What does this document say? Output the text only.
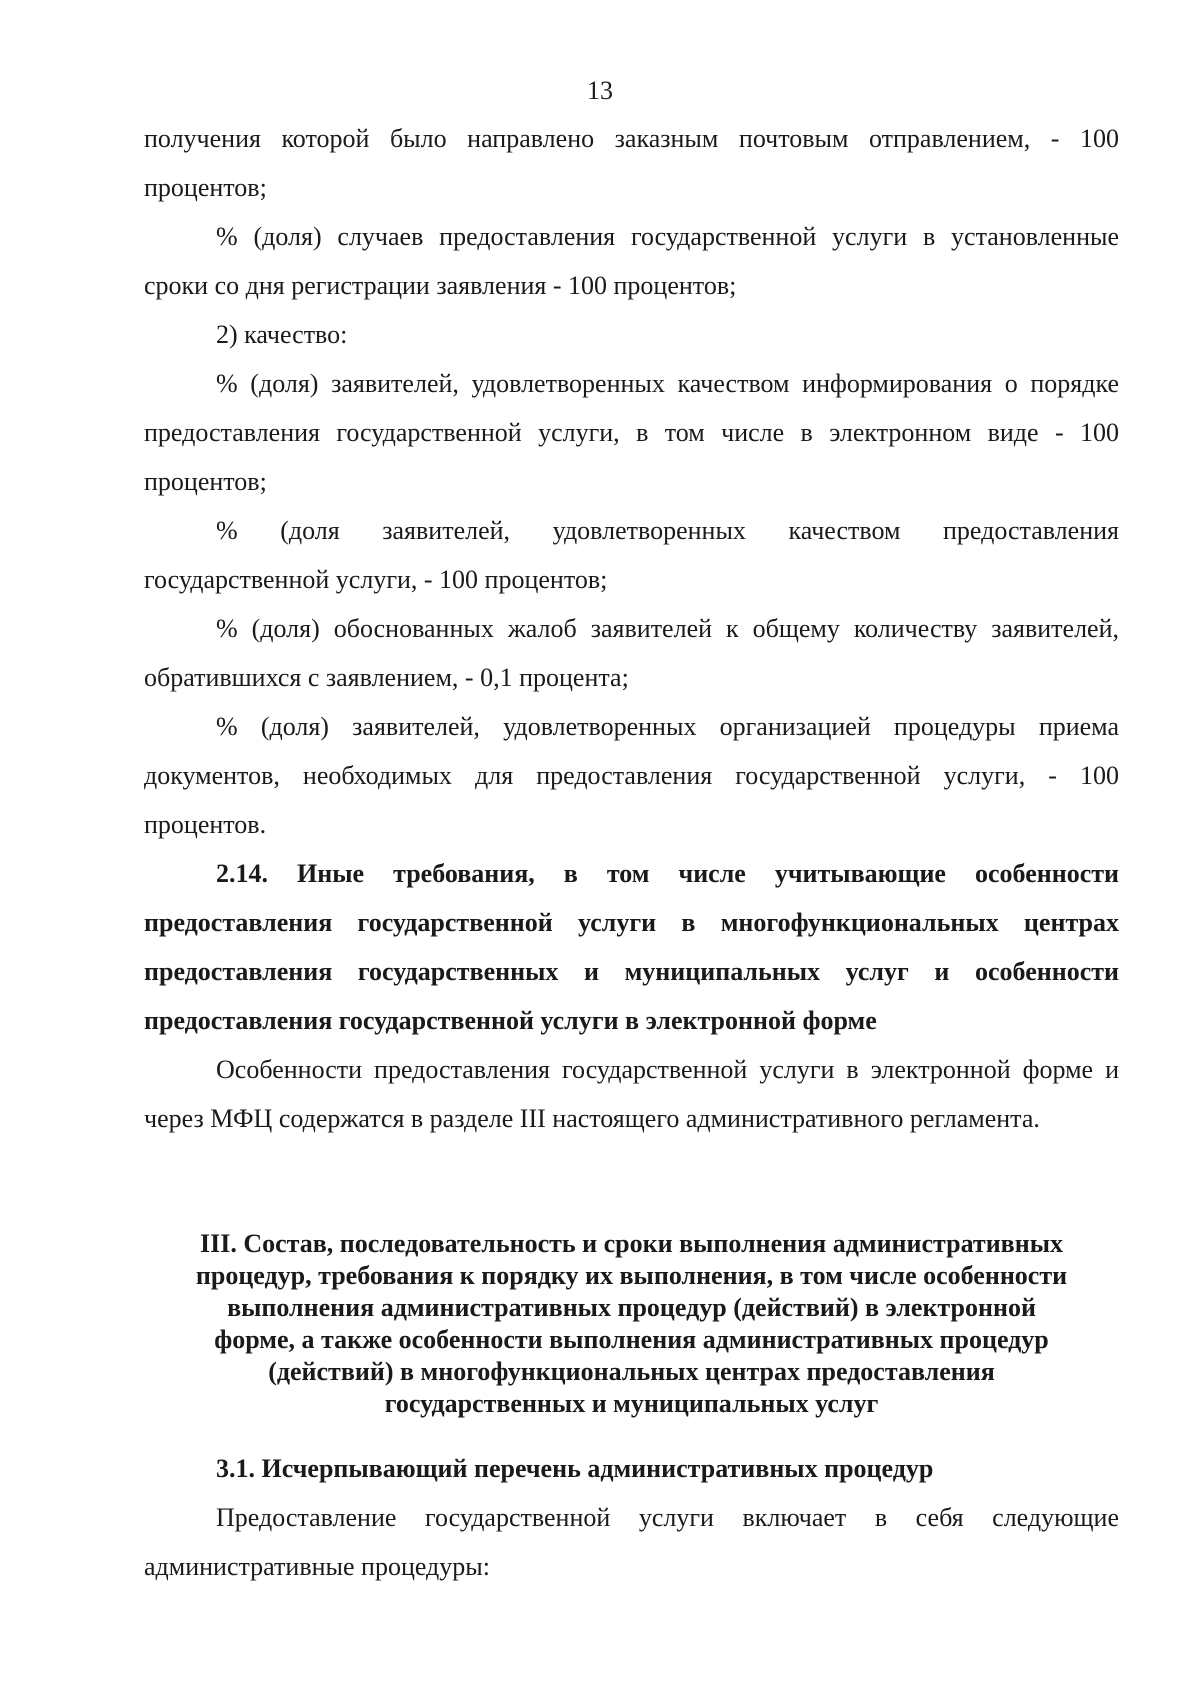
13

получения которой было направлено заказным почтовым отправлением, - 100 процентов;

% (доля) случаев предоставления государственной услуги в установленные сроки со дня регистрации заявления - 100 процентов;

2) качество:

% (доля) заявителей, удовлетворенных качеством информирования о порядке предоставления государственной услуги, в том числе в электронном виде - 100 процентов;

% (доля заявителей, удовлетворенных качеством предоставления государственной услуги, - 100 процентов;

% (доля) обоснованных жалоб заявителей к общему количеству заявителей, обратившихся с заявлением, - 0,1 процента;

% (доля) заявителей, удовлетворенных организацией процедуры приема документов, необходимых для предоставления государственной услуги, - 100 процентов.

2.14. Иные требования, в том числе учитывающие особенности предоставления государственной услуги в многофункциональных центрах предоставления государственных и муниципальных услуг и особенности предоставления государственной услуги в электронной форме

Особенности предоставления государственной услуги в электронной форме и через МФЦ содержатся в разделе III настоящего административного регламента.

III. Состав, последовательность и сроки выполнения административных
процедур, требования к порядку их выполнения, в том числе особенности
выполнения административных процедур (действий) в электронной
форме, а также особенности выполнения административных процедур
(действий) в многофункциональных центрах предоставления
государственных и муниципальных услуг

3.1. Исчерпывающий перечень административных процедур

Предоставление государственной услуги включает в себя следующие административные процедуры:
